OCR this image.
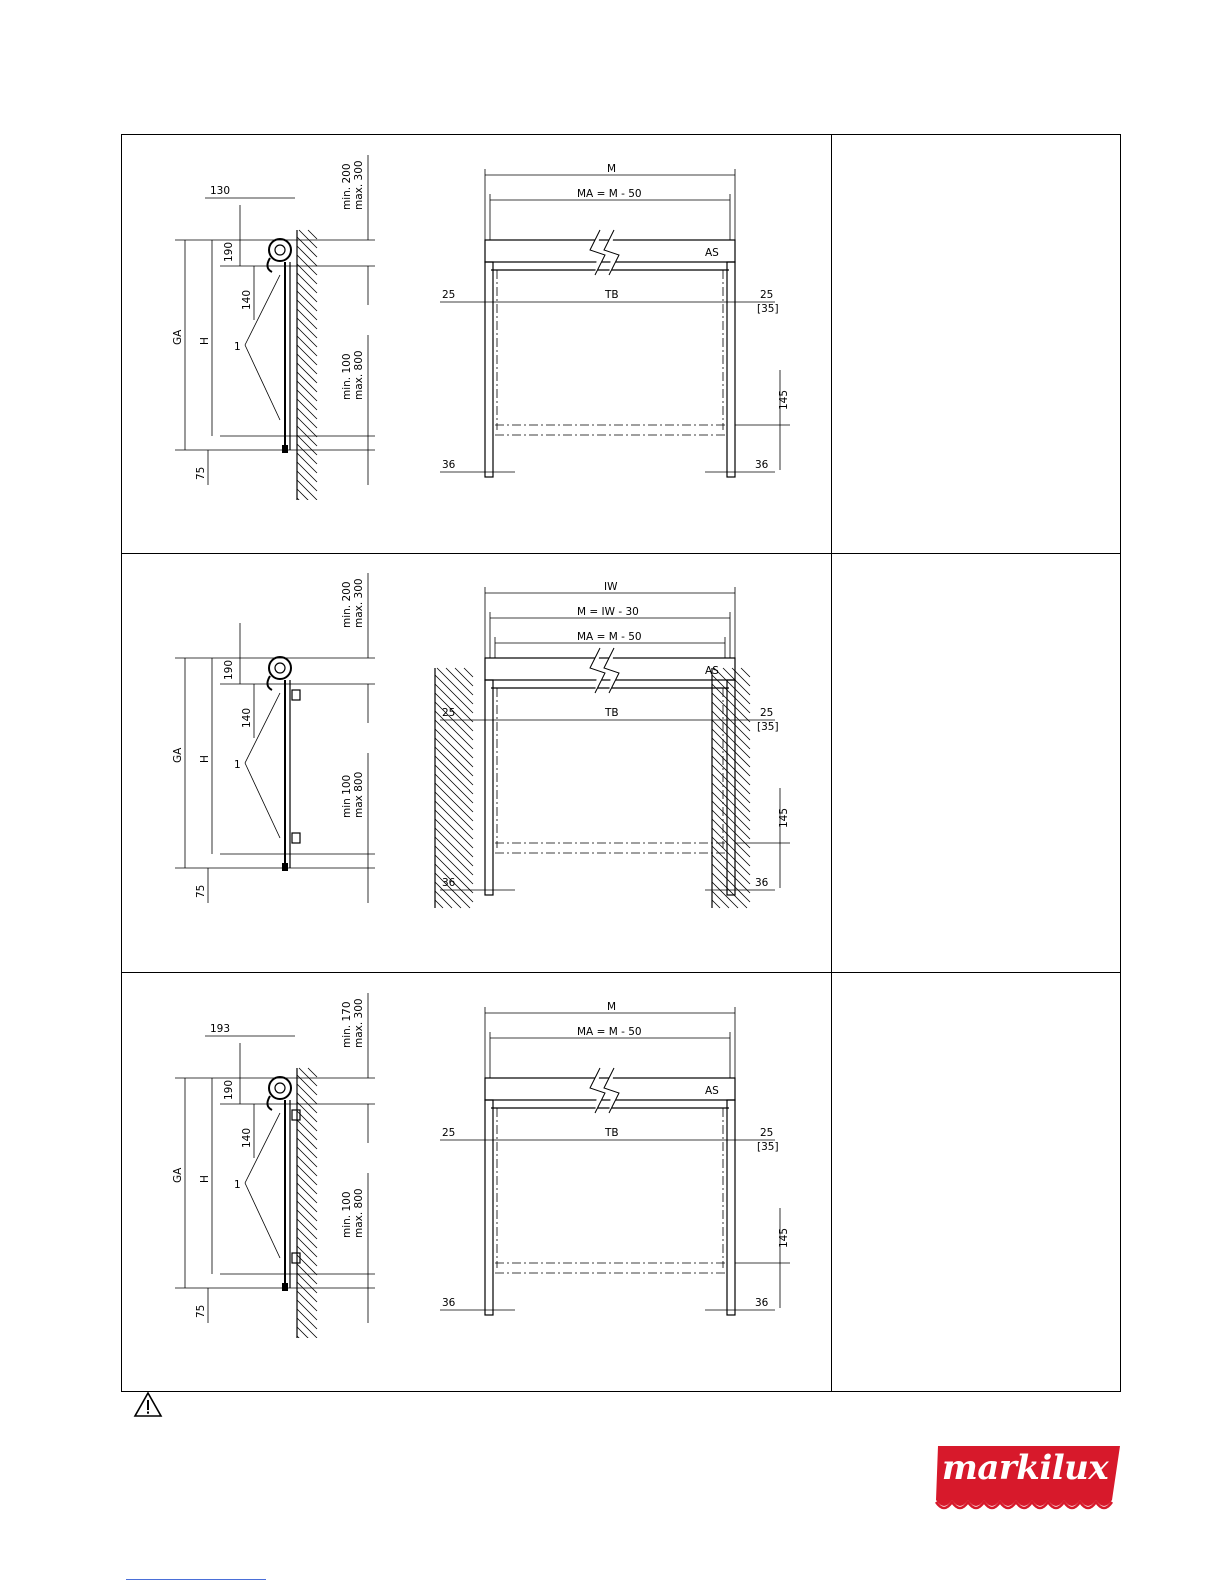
130
190
140
GA H 1
75
min. 200 max. 300
min. 100 max. 800
M
MA = M - 50
AS
25	TB	25
[35]
145
36	36
190
140
GA H 1
75
min. 200 max. 300
min 100 max 800
IW
M = IW - 30
MA = M - 50
AS
25	TB	25
[35]
145
36	36
193
190
140
GA H 1
75
min. 170 max. 300
min. 100 max. 800
M
MA = M - 50
AS
25	TB	25
[35]
145
36	36
markilux
